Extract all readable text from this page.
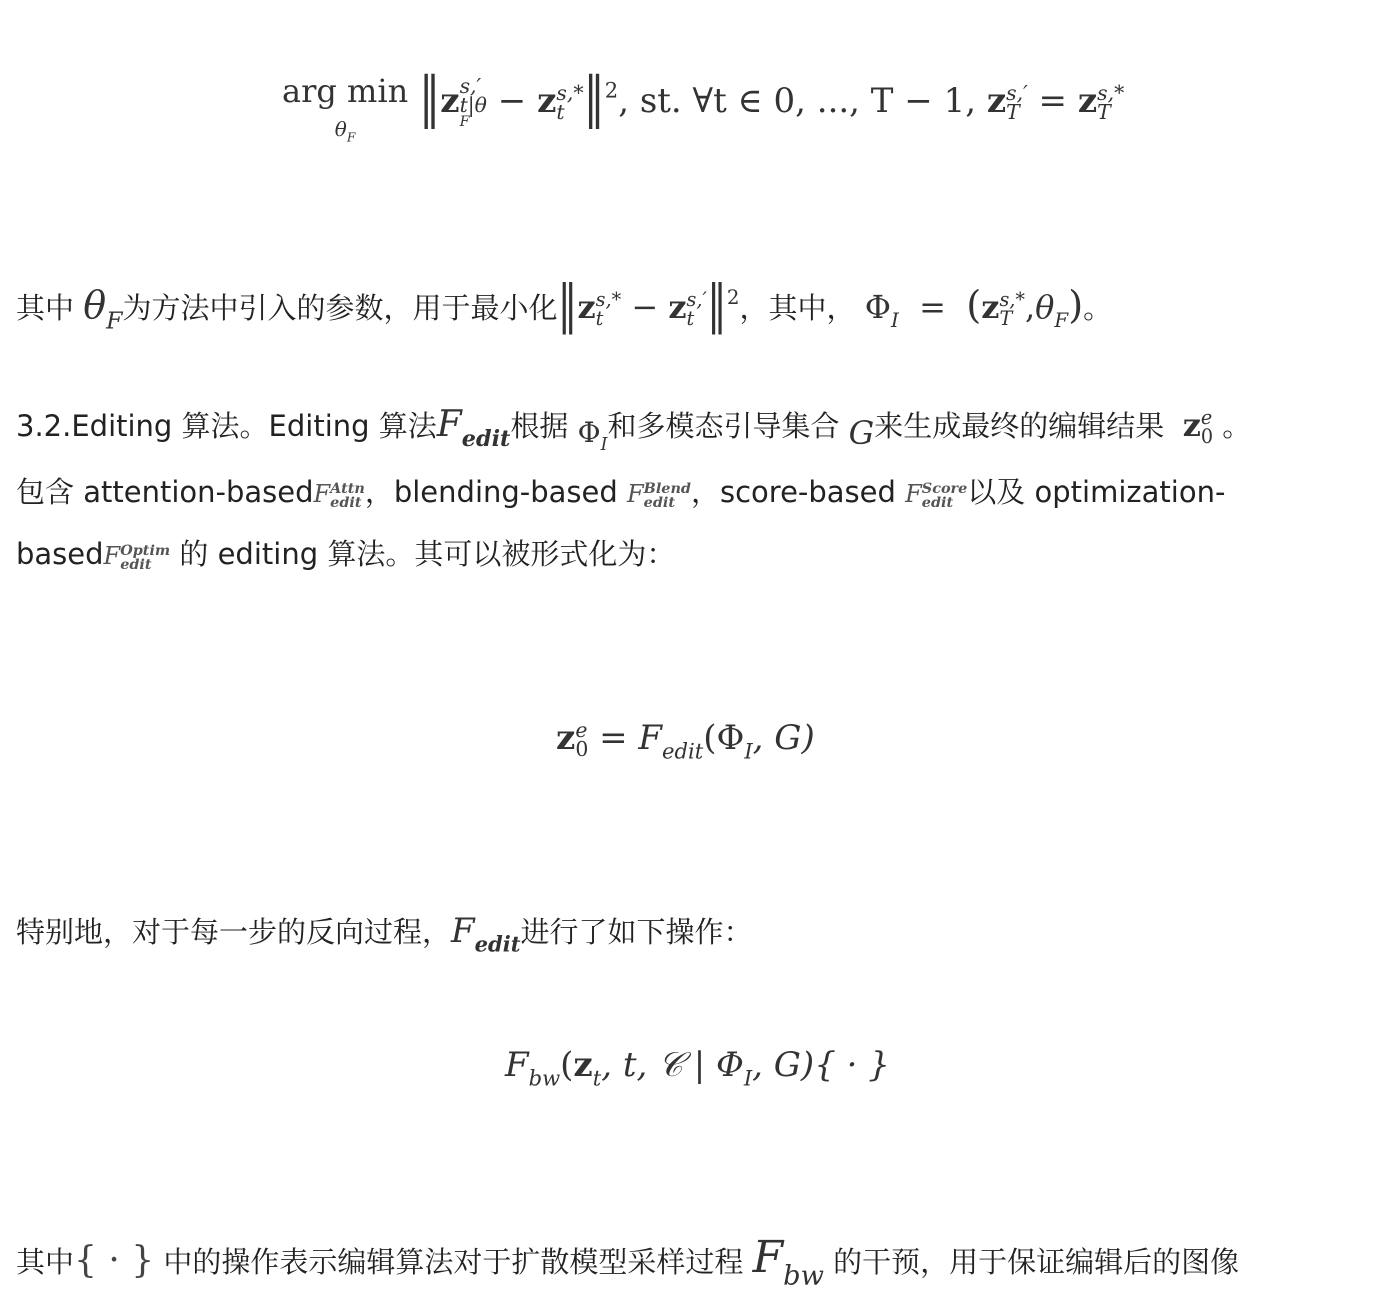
arg min
$\theta_F$ ‖z s,′
t|θ
F
− z s,*
t ‖$^2$, st. ∀t ∈ 0, ..., T − 1, z s,′
T = z s,*
T
其中 $\theta_F$为方法中引入的参数，用于最小化‖z s,*
t − z s,′
t ‖$^2$，其中， $\Phi_I = (z$ s,*
T $,\theta_F$)。
3.2.Editing 算法。Editing 算法$F_{edit}$根据 $\Phi_I$和多模态引导集合 G来生成最终的编辑结果 z e
0 。
包含 attention-basedF Attn
edit ，blending-based F Blend
edit ，score-based F Score
edit 以及 optimization-
basedF Optim
edit 的 editing 算法。其可以被形式化为：
z e
$0 = F_{edit}(\Phi_I$, G)
特别地，对于每一步的反向过程，$F_{edit}$进行了如下操作：
$F_{bw}(z_t$, t, 𝒞 | $\Phi_I$, G){ · }
其中{ · } 中的操作表示编辑算法对于扩散模型采样过程 $F_{bw}$ 的干预，用于保证编辑后的图像
